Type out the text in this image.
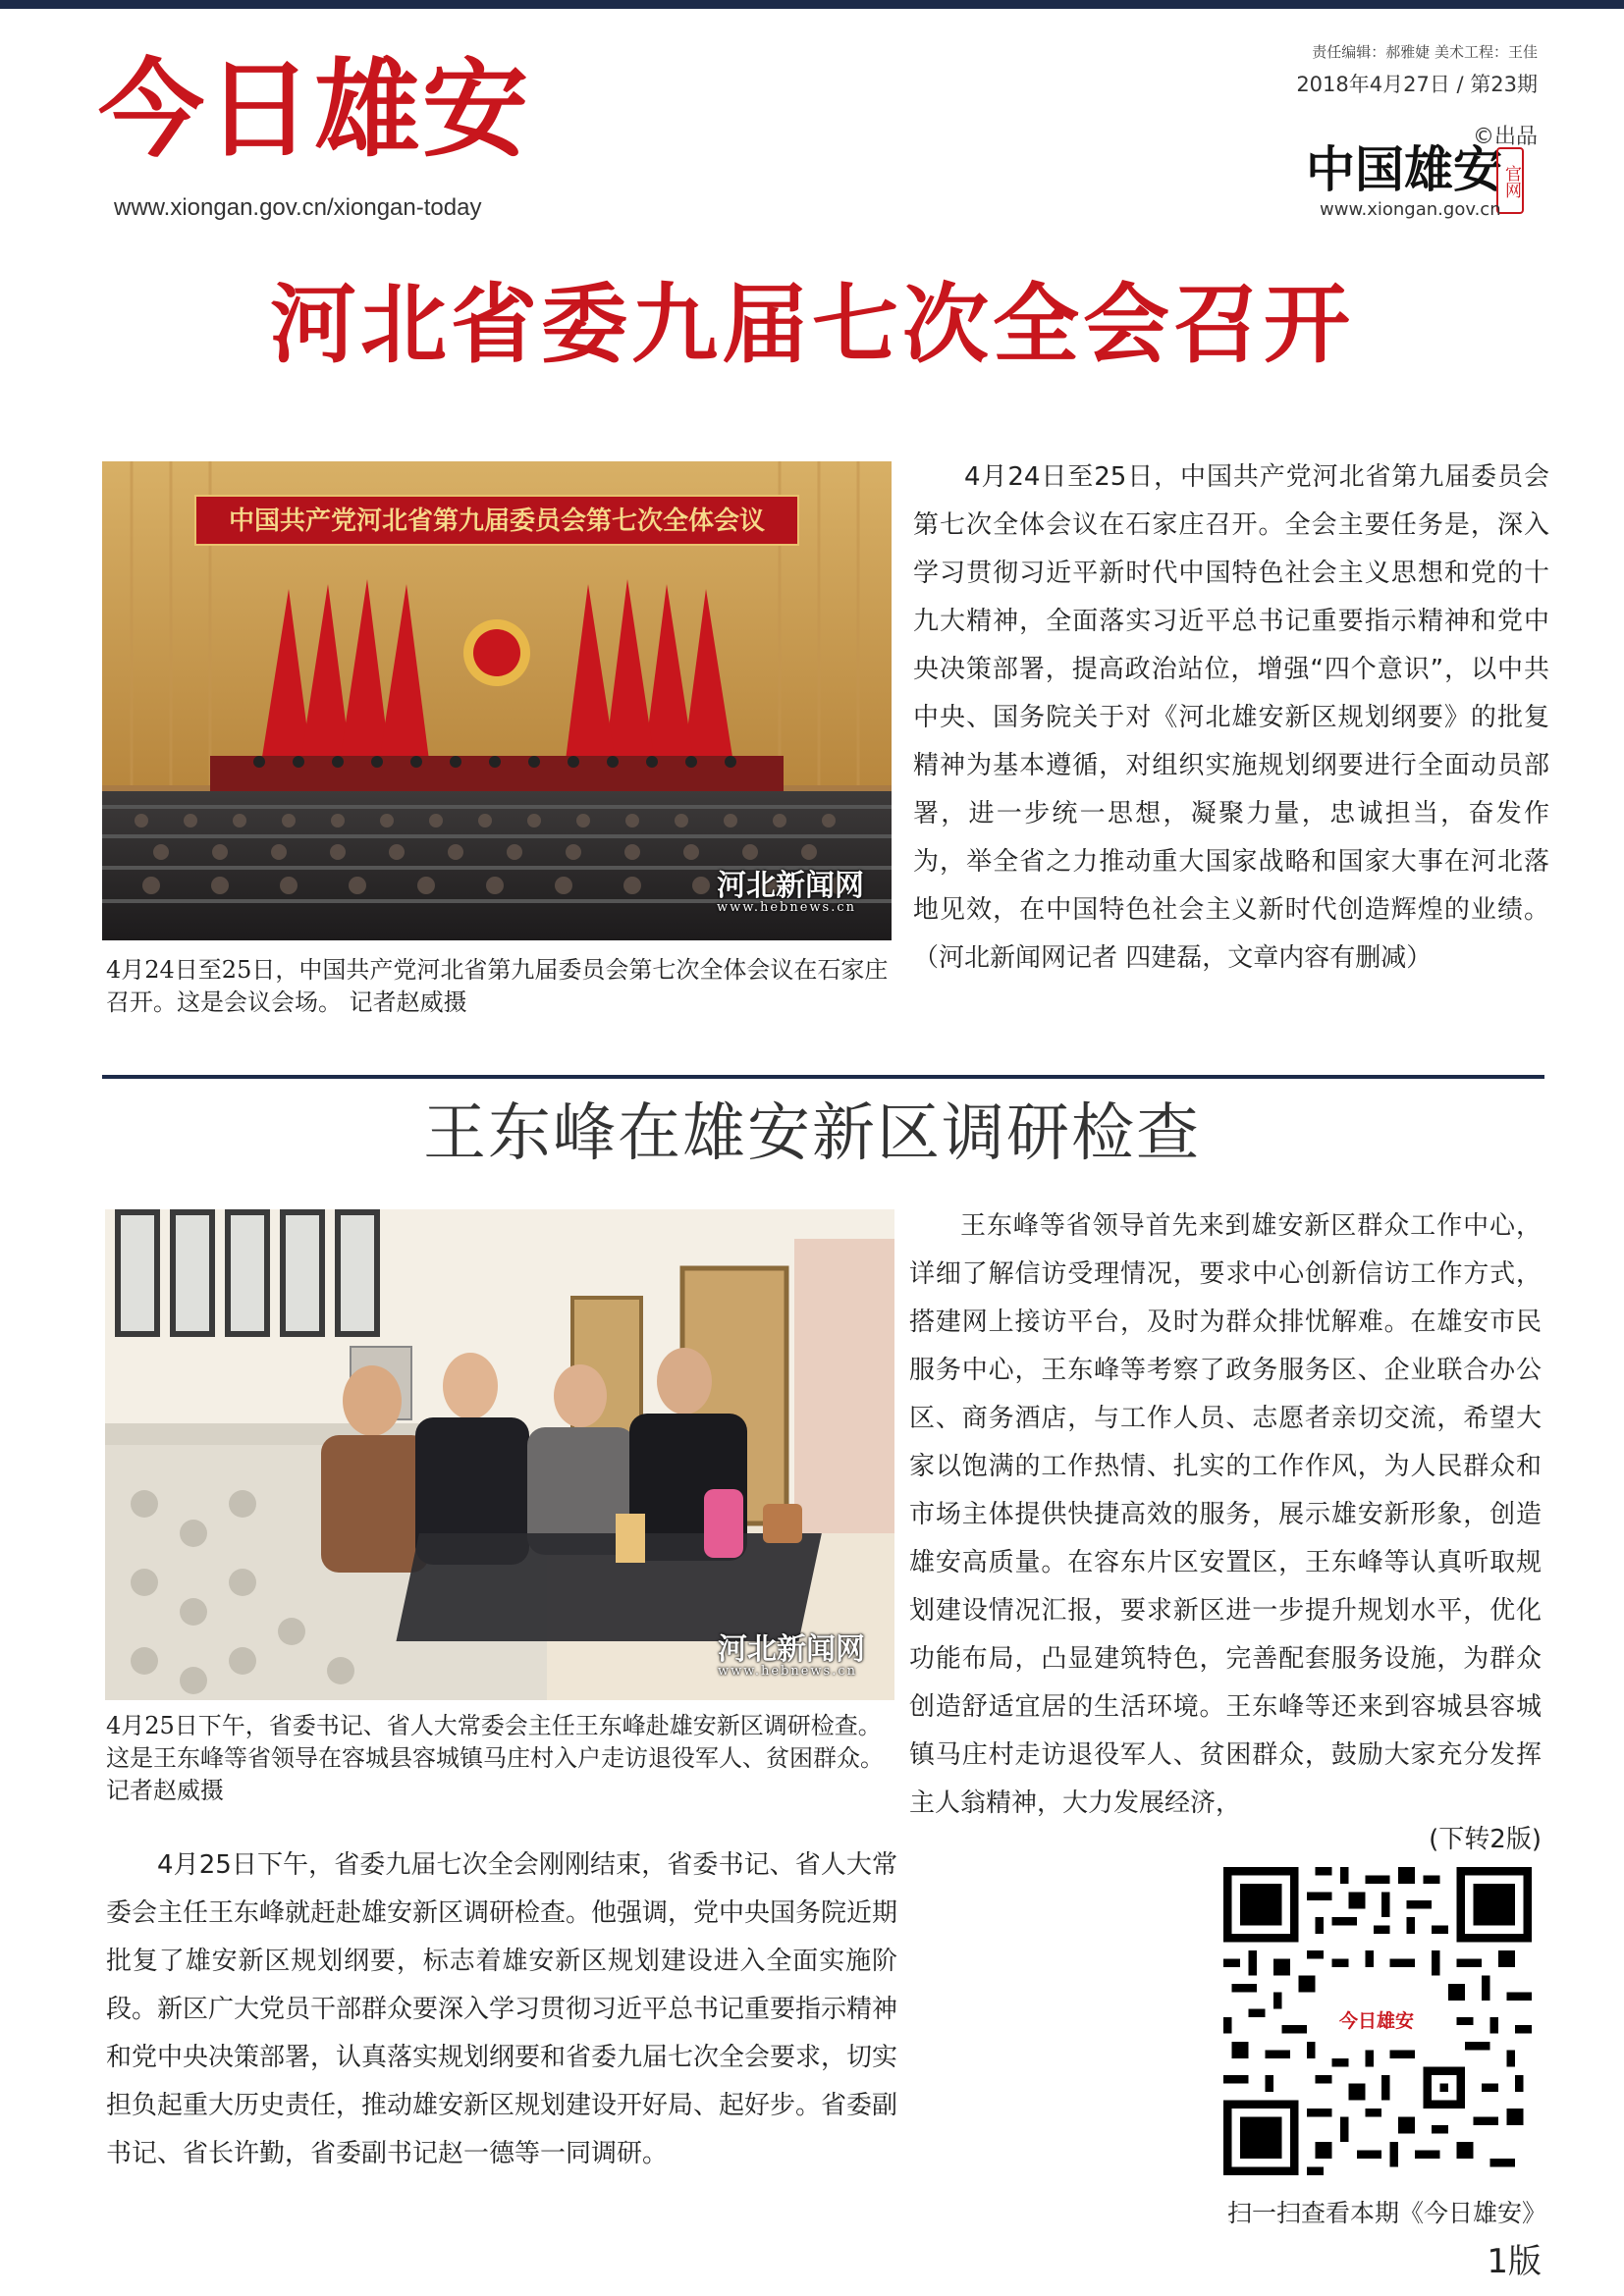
今日雄安
www.xiongan.gov.cn/xiongan-today
责任编辑：郝雅婕 美术工程：王佳
2018年4月27日 / 第23期
©出品
中国雄安 官网
www.xiongan.gov.cn
河北省委九届七次全会召开
中国共产党河北省第九届委员会第七次全体会议
河北新闻网
www.hebnews.cn
4月24日至25日，中国共产党河北省第九届委员会第七次全体会议在石家庄召开。这是会议会场。 记者赵威摄

4月24日至25日，中国共产党河北省第九届委员会第七次全体会议在石家庄召开。全会主要任务是，深入学习贯彻习近平新时代中国特色社会主义思想和党的十九大精神，全面落实习近平总书记重要指示精神和党中央决策部署，提高政治站位，增强“四个意识”，以中共中央、国务院关于对《河北雄安新区规划纲要》的批复精神为基本遵循，对组织实施规划纲要进行全面动员部署，进一步统一思想，凝聚力量，忠诚担当，奋发作为，举全省之力推动重大国家战略和国家大事在河北落地见效，在中国特色社会主义新时代创造辉煌的业绩。（河北新闻网记者 四建磊，文章内容有删减）

王东峰在雄安新区调研检查
河北新闻网
www.hebnews.cn
4月25日下午，省委书记、省人大常委会主任王东峰赴雄安新区调研检查。这是王东峰等省领导在容城县容城镇马庄村入户走访退役军人、贫困群众。记者赵威摄

4月25日下午，省委九届七次全会刚刚结束，省委书记、省人大常委会主任王东峰就赶赴雄安新区调研检查。他强调，党中央国务院近期批复了雄安新区规划纲要，标志着雄安新区规划建设进入全面实施阶段。新区广大党员干部群众要深入学习贯彻习近平总书记重要指示精神和党中央决策部署，认真落实规划纲要和省委九届七次全会要求，切实担负起重大历史责任，推动雄安新区规划建设开好局、起好步。省委副书记、省长许勤，省委副书记赵一德等一同调研。

王东峰等省领导首先来到雄安新区群众工作中心，详细了解信访受理情况，要求中心创新信访工作方式，搭建网上接访平台，及时为群众排忧解难。在雄安市民服务中心，王东峰等考察了政务服务区、企业联合办公区、商务酒店，与工作人员、志愿者亲切交流，希望大家以饱满的工作热情、扎实的工作作风，为人民群众和市场主体提供快捷高效的服务，展示雄安新形象，创造雄安高质量。在容东片区安置区，王东峰等认真听取规划建设情况汇报，要求新区进一步提升规划水平，优化功能布局，凸显建筑特色，完善配套服务设施，为群众创造舒适宜居的生活环境。王东峰等还来到容城县容城镇马庄村走访退役军人、贫困群众，鼓励大家充分发挥主人翁精神，大力发展经济，

(下转2版)
今日雄安
扫一扫查看本期《今日雄安》
1版
